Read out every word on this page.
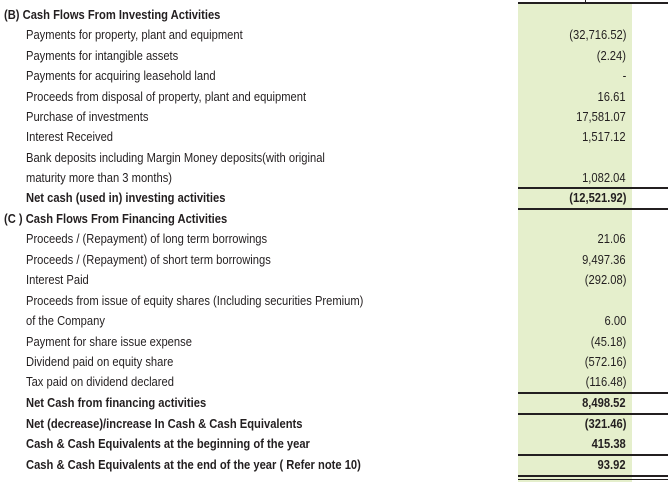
(B) Cash Flows From Investing Activities
Payments for property, plant and equipment	(32,716.52)
Payments for intangible assets	(2.24)
Payments for acquiring leasehold land	-
Proceeds from disposal of property, plant and equipment	16.61
Purchase of investments	17,581.07
Interest Received	1,517.12
Bank deposits including Margin Money deposits(with original
maturity more than 3 months)	1,082.04
Net cash (used in) investing activities	(12,521.92)
(C ) Cash Flows From Financing Activities
Proceeds / (Repayment) of long term borrowings	21.06
Proceeds / (Repayment) of short term borrowings	9,497.36
Interest Paid	(292.08)
Proceeds from issue of equity shares (Including securities Premium)
of the Company	6.00
Payment for share issue expense	(45.18)
Dividend paid on equity share	(572.16)
Tax paid on dividend declared	(116.48)
Net Cash from financing activities	8,498.52
Net (decrease)/increase In Cash & Cash Equivalents	(321.46)
Cash & Cash Equivalents at the beginning of the year	415.38
Cash & Cash Equivalents at the end of the year ( Refer note 10)	93.92
